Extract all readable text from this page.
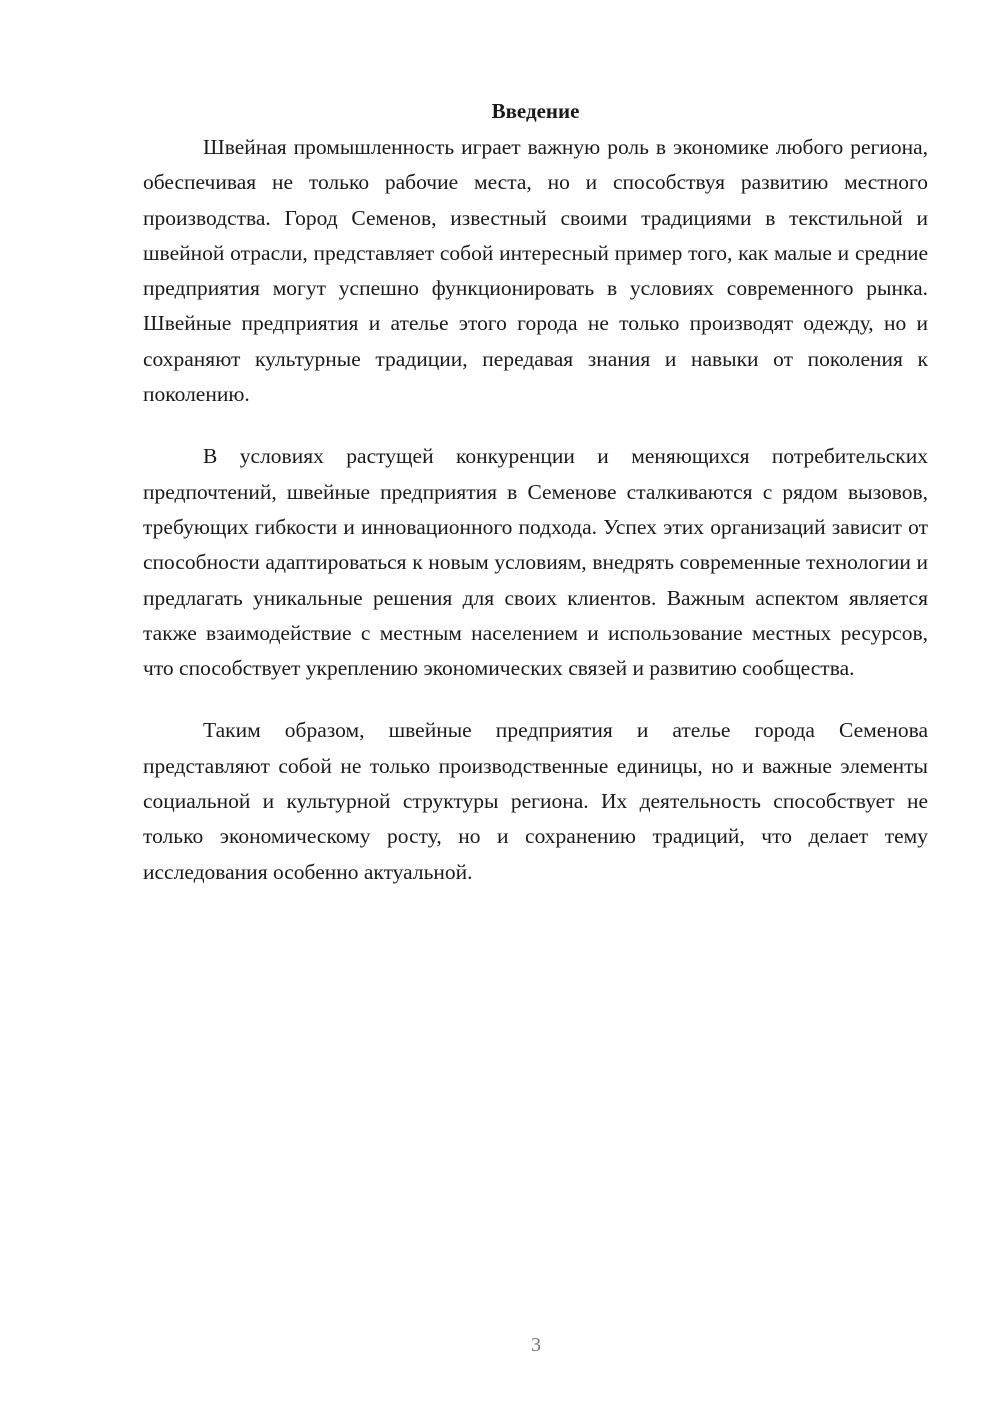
Введение

Швейная промышленность играет важную роль в экономике любого региона, обеспечивая не только рабочие места, но и способствуя развитию местного производства. Город Семенов, известный своими традициями в текстильной и швейной отрасли, представляет собой интересный пример того, как малые и средние предприятия могут успешно функционировать в условиях современного рынка. Швейные предприятия и ателье этого города не только производят одежду, но и сохраняют культурные традиции, передавая знания и навыки от поколения к поколению.

В условиях растущей конкуренции и меняющихся потребительских предпочтений, швейные предприятия в Семенове сталкиваются с рядом вызовов, требующих гибкости и инновационного подхода. Успех этих организаций зависит от способности адаптироваться к новым условиям, внедрять современные технологии и предлагать уникальные решения для своих клиентов. Важным аспектом является также взаимодействие с местным населением и использование местных ресурсов, что способствует укреплению экономических связей и развитию сообщества.

Таким образом, швейные предприятия и ателье города Семенова представляют собой не только производственные единицы, но и важные элементы социальной и культурной структуры региона. Их деятельность способствует не только экономическому росту, но и сохранению традиций, что делает тему исследования особенно актуальной.

3
